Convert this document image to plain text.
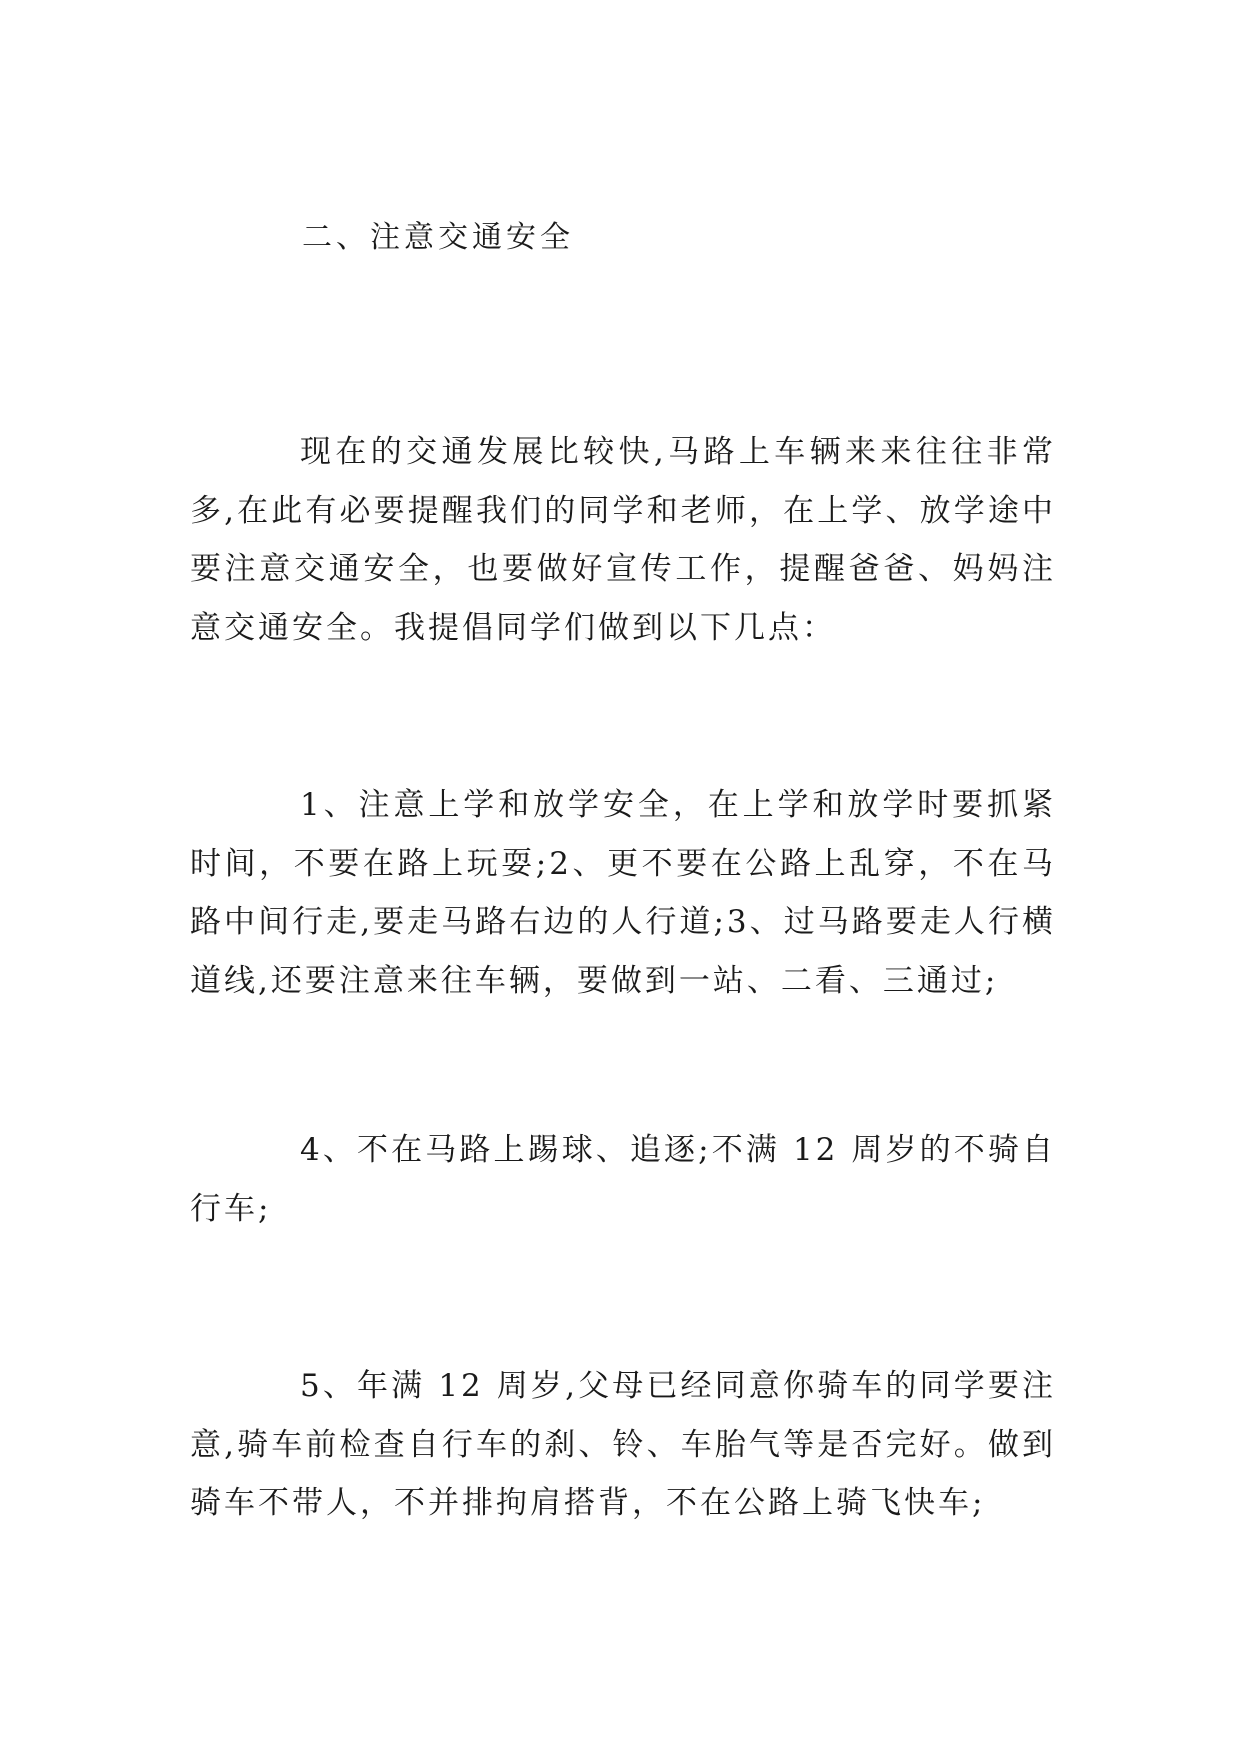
二、注意交通安全

现在的交通发展比较快,马路上车辆来来往往非常多,在此有必要提醒我们的同学和老师，在上学、放学途中要注意交通安全，也要做好宣传工作，提醒爸爸、妈妈注意交通安全。我提倡同学们做到以下几点：

1、注意上学和放学安全，在上学和放学时要抓紧时间，不要在路上玩耍;2、更不要在公路上乱穿，不在马路中间行走,要走马路右边的人行道;3、过马路要走人行横道线,还要注意来往车辆，要做到一站、二看、三通过;

4、不在马路上踢球、追逐;不满 12 周岁的不骑自行车;

5、年满 12 周岁,父母已经同意你骑车的同学要注意,骑车前检查自行车的刹、铃、车胎气等是否完好。做到骑车不带人，不并排拘肩搭背，不在公路上骑飞快车;
